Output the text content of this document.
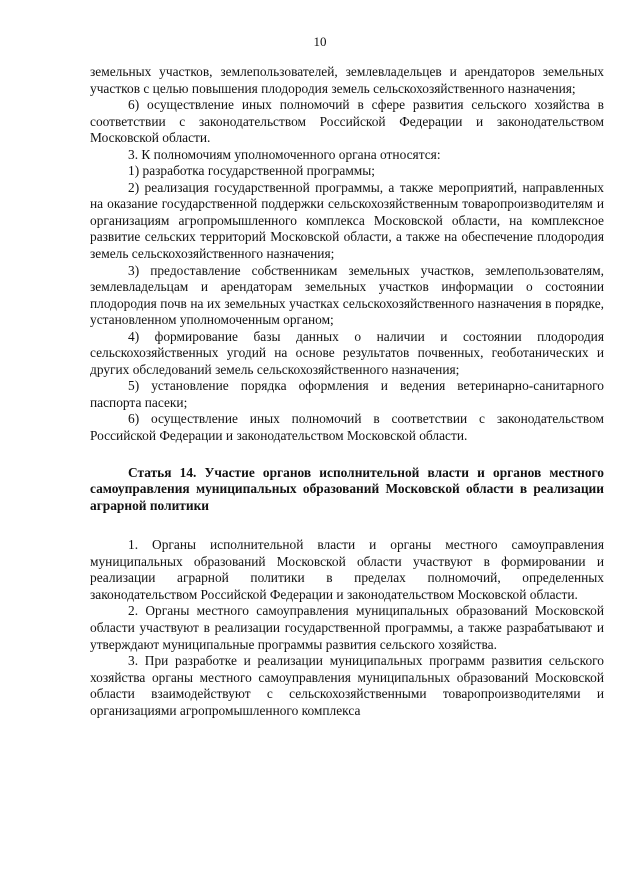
10

земельных участков, землепользователей, землевладельцев и арендаторов земельных участков с целью повышения плодородия земель сельскохозяйственного назначения;

6) осуществление иных полномочий в сфере развития сельского хозяйства в соответствии с законодательством Российской Федерации и законодательством Московской области.

3. К полномочиям уполномоченного органа относятся:

1) разработка государственной программы;

2) реализация государственной программы, а также мероприятий, направленных на оказание государственной поддержки сельскохозяйственным товаропроизводителям и организациям агропромышленного комплекса Московской области, на комплексное развитие сельских территорий Московской области, а также на обеспечение плодородия земель сельскохозяйственного назначения;

3) предоставление собственникам земельных участков, землепользователям, землевладельцам и арендаторам земельных участков информации о состоянии плодородия почв на их земельных участках сельскохозяйственного назначения в порядке, установленном уполномоченным органом;

4) формирование базы данных о наличии и состоянии плодородия сельскохозяйственных угодий на основе результатов почвенных, геоботанических и других обследований земель сельскохозяйственного назначения;

5) установление порядка оформления и ведения ветеринарно-санитарного паспорта пасеки;

6) осуществление иных полномочий в соответствии с законодательством Российской Федерации и законодательством Московской области.

Статья 14. Участие органов исполнительной власти и органов местного самоуправления муниципальных образований Московской области в реализации аграрной политики

1. Органы исполнительной власти и органы местного самоуправления муниципальных образований Московской области участвуют в формировании и реализации аграрной политики в пределах полномочий, определенных законодательством Российской Федерации и законодательством Московской области.

2. Органы местного самоуправления муниципальных образований Московской области участвуют в реализации государственной программы, а также разрабатывают и утверждают муниципальные программы развития сельского хозяйства.

3. При разработке и реализации муниципальных программ развития сельского хозяйства органы местного самоуправления муниципальных образований Московской области взаимодействуют с сельскохозяйственными товаропроизводителями и организациями агропромышленного комплекса
